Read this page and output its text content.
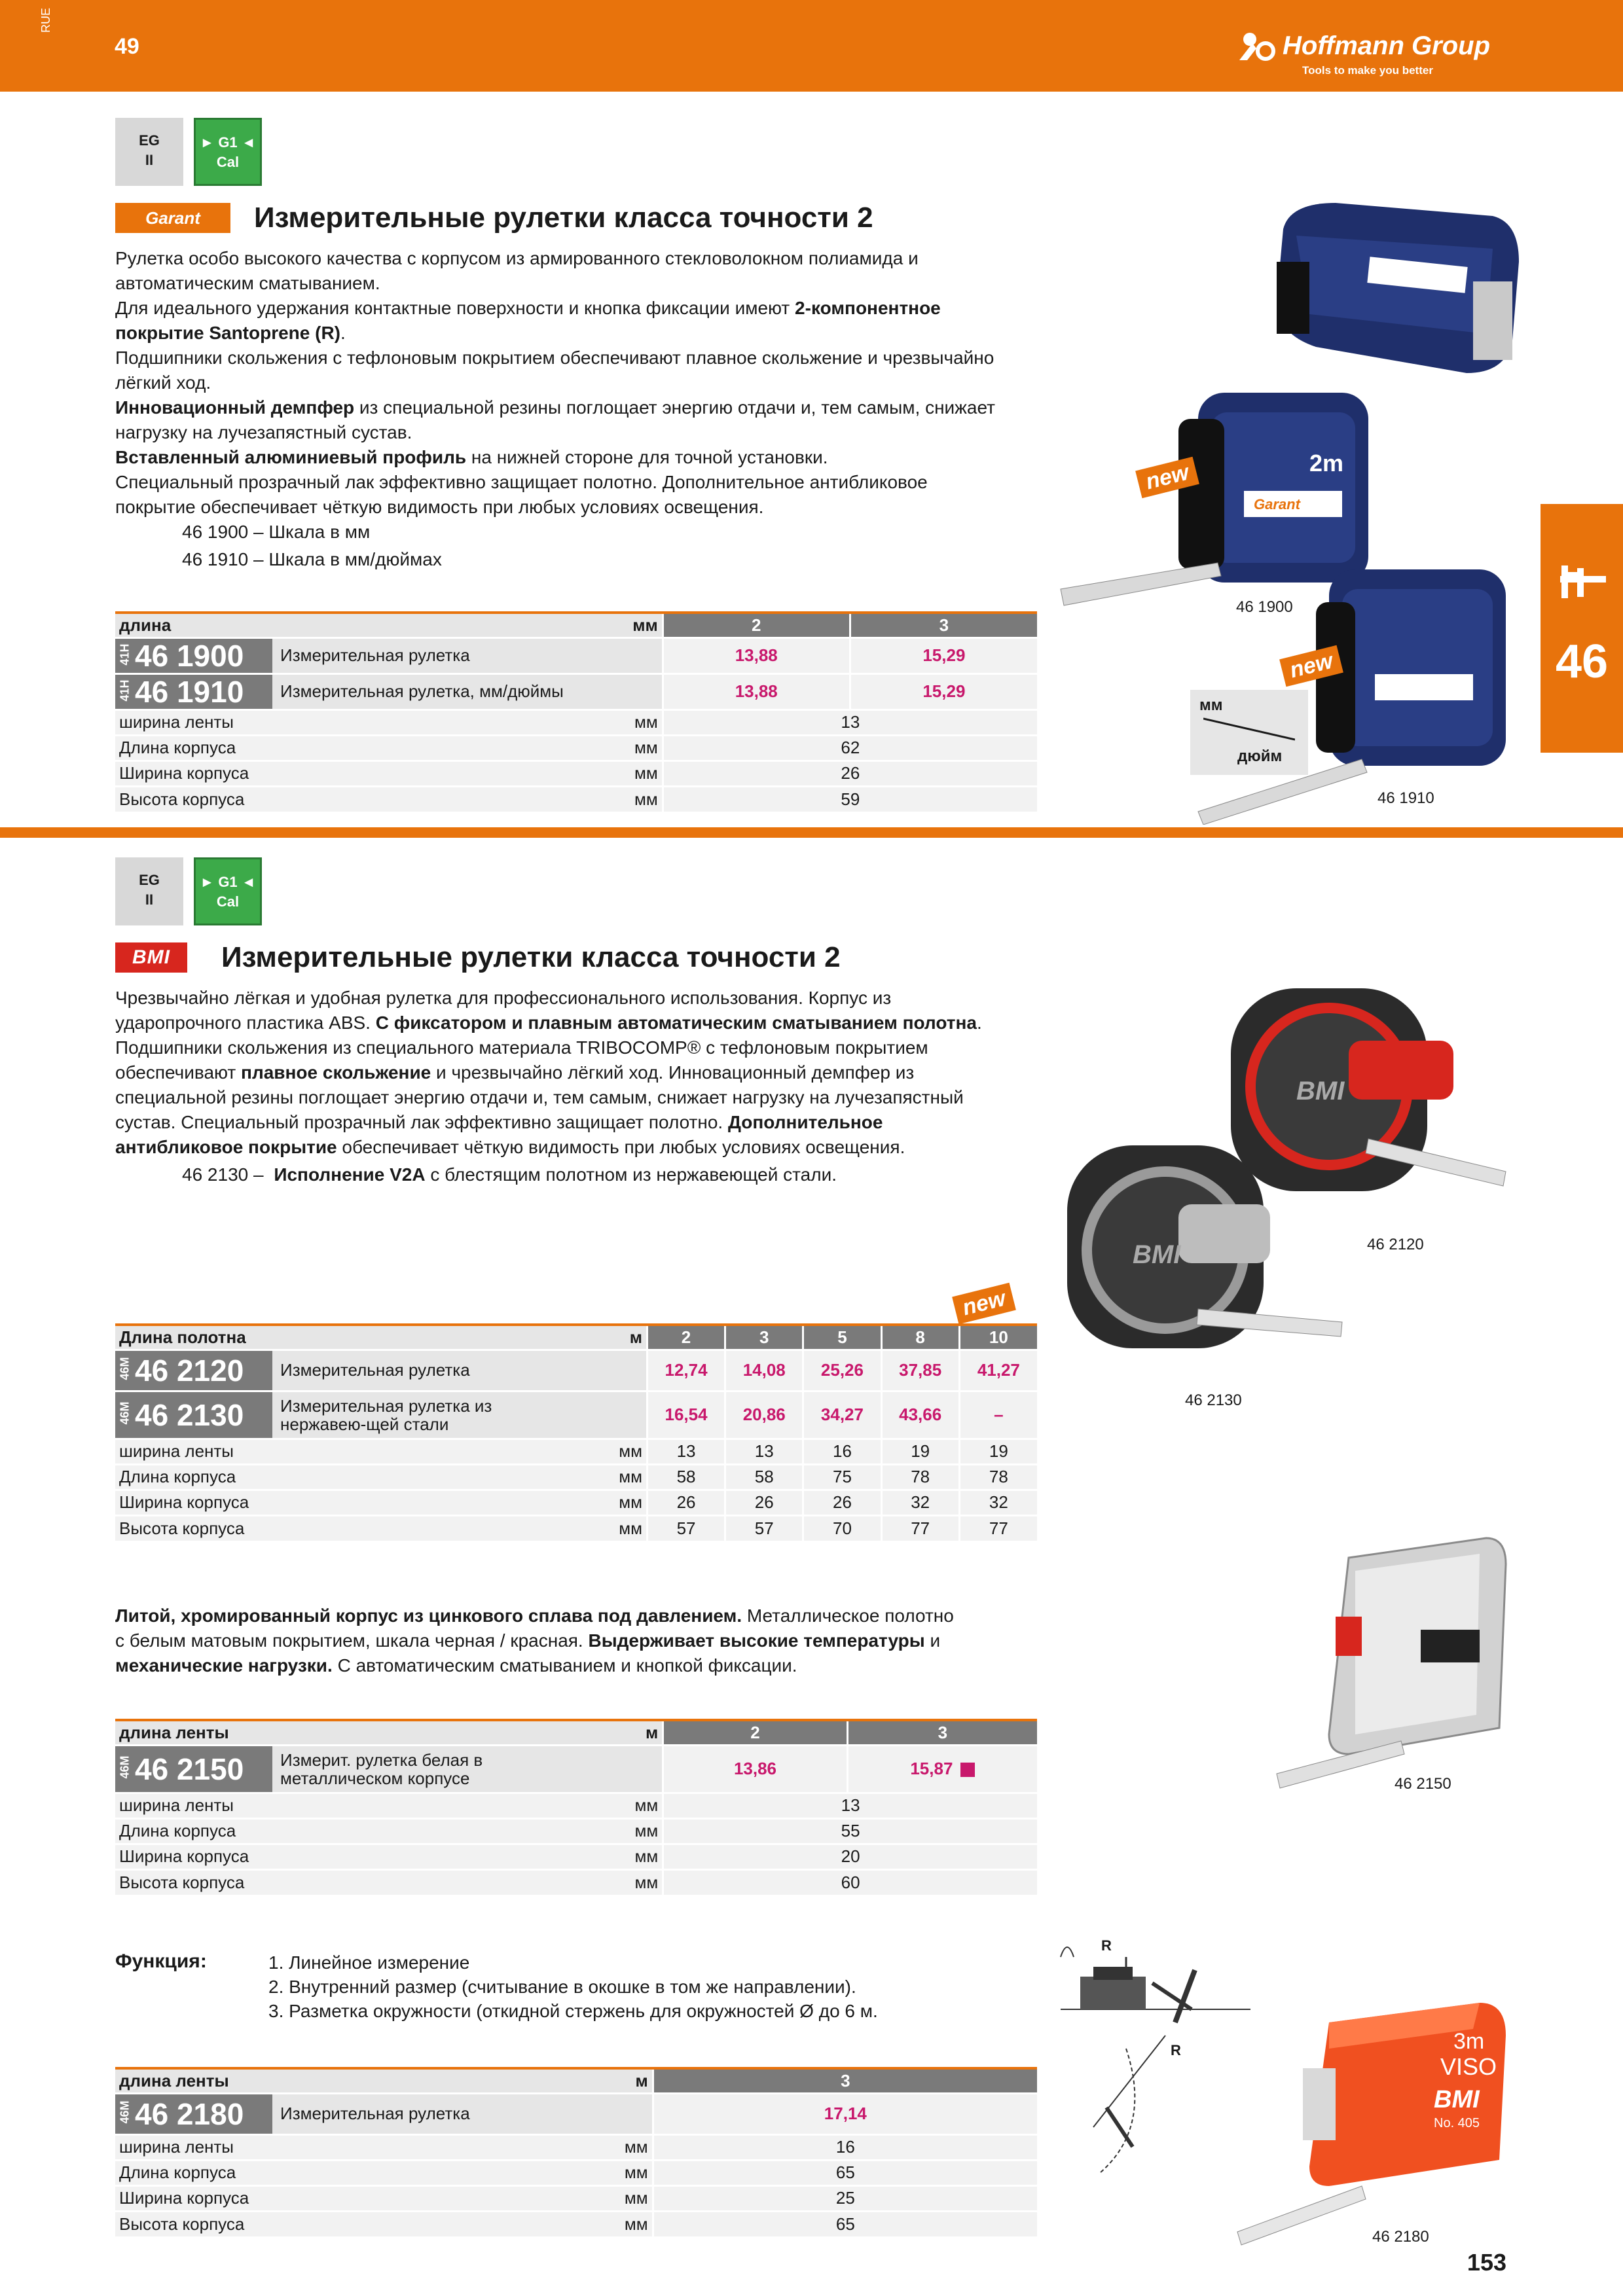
RUE
49	Hoffmann Group
Tools to make you better
46
EG
II
► G1 ◄
Cal
Garant	Измерительные рулетки класса точности 2
Рулетка особо высокого качества с корпусом из армированного стекловолокном полиамида и
автоматическим сматыванием.
Для идеального удержания контактные поверхности и кнопка фиксации имеют 2-компонентное
покрытие Santoprene (R).
Подшипники скольжения с тефлоновым покрытием обеспечивают плавное скольжение и чрезвычайно
лёгкий ход.
Инновационный демпфер из специальной резины поглощает энергию отдачи и, тем самым, снижает
нагрузку на лучезапястный сустав.
Вставленный алюминиевый профиль на нижней стороне для точной установки.
Специальный прозрачный лак эффективно защищает полотно. Дополнительное антибликовое
покрытие обеспечивает чёткую видимость при любых условиях освещения.
46 1900 – Шкала в мм
46 1910 – Шкала в мм/дюймах
длина	мм	2	3

41H 46 1900 Измерительная рулетка		13,88	15,29

41H 46 1910 Измерительная рулетка, мм/дюймы		13,88	15,29
ширина ленты	мм	13	
Длина корпуса	мм	62	
Ширина корпуса	мм	26	
Высота корпуса	мм	59	
2m
Garant
new
46 1900
new
мм
дюйм
46 1910
EG
II
► G1 ◄
Cal
BMI	Измерительные рулетки класса точности 2
Чрезвычайно лёгкая и удобная рулетка для профессионального использования. Корпус из
ударопрочного пластика ABS. С фиксатором и плавным автоматическим сматыванием полотна.
Подшипники скольжения из специального материала TRIBOCOMP® с тефлоновым покрытием
обеспечивают плавное скольжение и чрезвычайно лёгкий ход. Инновационный демпфер из
специальной резины поглощает энергию отдачи и, тем самым, снижает нагрузку на лучезапястный
сустав. Специальный прозрачный лак эффективно защищает полотно. Дополнительное
антибликовое покрытие обеспечивает чёткую видимость при любых условиях освещения.
46 2130 – Исполнение V2A с блестящим полотном из нержавеющей стали.
new
Длина полотна	м	2	3	5	8	10

46M 46 2120 Измерительная рулетка		12,74	14,08	25,26	37,85	41,27

46M 46 2130 Измерительная рулетка из нержавею-щей стали		16,54	20,86	34,27	43,66	–
ширина ленты	мм	13	13	16	19	19
Длина корпуса	мм	58	58	75	78	78
Ширина корпуса	мм	26	26	26	32	32
Высота корпуса	мм	57	57	70	77	77
BMI
46 2120
BMI
46 2130
Литой, хромированный корпус из цинкового сплава под давлением. Металлическое полотно
с белым матовым покрытием, шкала черная / красная. Выдерживает высокие температуры и
механические нагрузки. С автоматическим сматыванием и кнопкой фиксации.
длина ленты	м	2	3

46M 46 2150 Измерит. рулетка белая в металлическом корпусе		13,86	15,87
ширина ленты	мм	13	
Длина корпуса	мм	55	
Ширина корпуса	мм	20	
Высота корпуса	мм	60	
46 2150
Функция:	1. Линейное измерение
2. Внутренний размер (считывание в окошке в том же направлении).
3. Разметка окружности (откидной стержень для окружностей Ø до 6 м.
длина ленты	м	3

46M 46 2180 Измерительная рулетка		17,14
ширина ленты	мм	16
Длина корпуса	мм	65
Ширина корпуса	мм	25
Высота корпуса	мм	65
R
R	3m
VISO
BMI
No. 405
46 2180
153
